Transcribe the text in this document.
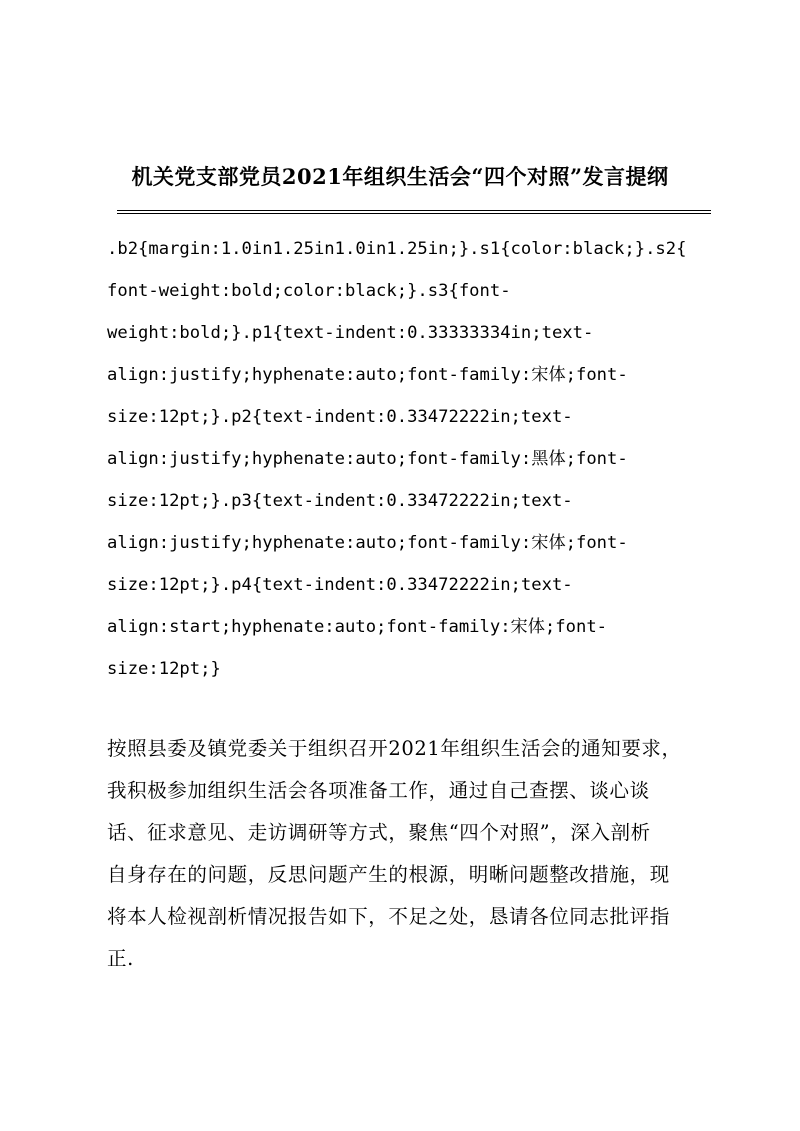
机关党支部党员2021年组织生活会“四个对照”发言提纲
.b2{margin:1.0in1.25in1.0in1.25in;}.s1{color:black;}.s2{
font-weight:bold;color:black;}.s3{font-
weight:bold;}.p1{text-indent:0.33333334in;text-
align:justify;hyphenate:auto;font-family:宋体;font-
size:12pt;}.p2{text-indent:0.33472222in;text-
align:justify;hyphenate:auto;font-family:黑体;font-
size:12pt;}.p3{text-indent:0.33472222in;text-
align:justify;hyphenate:auto;font-family:宋体;font-
size:12pt;}.p4{text-indent:0.33472222in;text-
align:start;hyphenate:auto;font-family:宋体;font-
size:12pt;}
按照县委及镇党委关于组织召开2021年组织生活会的通知要求，
我积极参加组织生活会各项准备工作，通过自己查摆、谈心谈
话、征求意见、走访调研等方式，聚焦“四个对照”，深入剖析
自身存在的问题，反思问题产生的根源，明晰问题整改措施，现
将本人检视剖析情况报告如下，不足之处，恳请各位同志批评指
正.
